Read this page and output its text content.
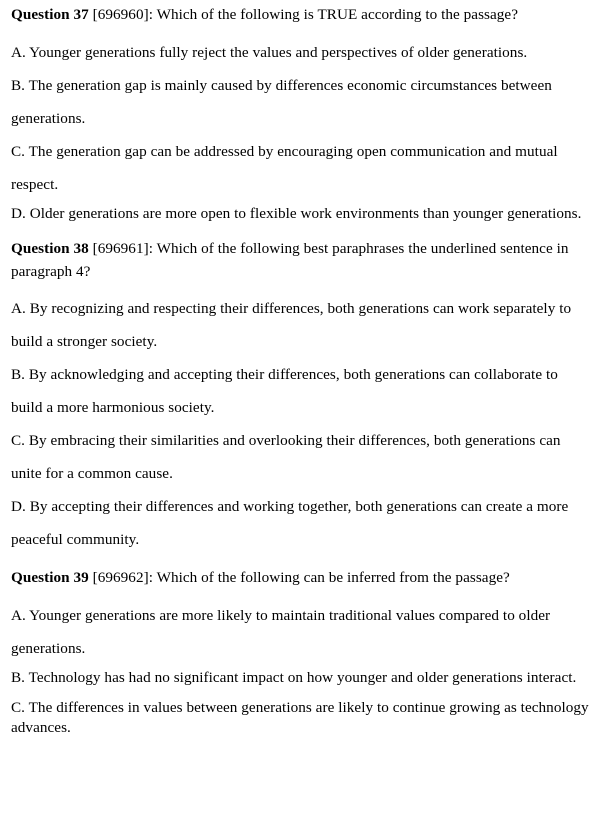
Question 37 [696960]: Which of the following is TRUE according to the passage?

A. Younger generations fully reject the values and perspectives of older generations.

B. The generation gap is mainly caused by differences economic circumstances between generations.

C. The generation gap can be addressed by encouraging open communication and mutual respect.

D. Older generations are more open to flexible work environments than younger generations.

Question 38 [696961]: Which of the following best paraphrases the underlined sentence in paragraph 4?

A. By recognizing and respecting their differences, both generations can work separately to build a stronger society.

B. By acknowledging and accepting their differences, both generations can collaborate to build a more harmonious society.

C. By embracing their similarities and overlooking their differences, both generations can unite for a common cause.

D. By accepting their differences and working together, both generations can create a more peaceful community.

Question 39 [696962]: Which of the following can be inferred from the passage?

A. Younger generations are more likely to maintain traditional values compared to older generations.

B. Technology has had no significant impact on how younger and older generations interact.

C. The differences in values between generations are likely to continue growing as technology advances.
